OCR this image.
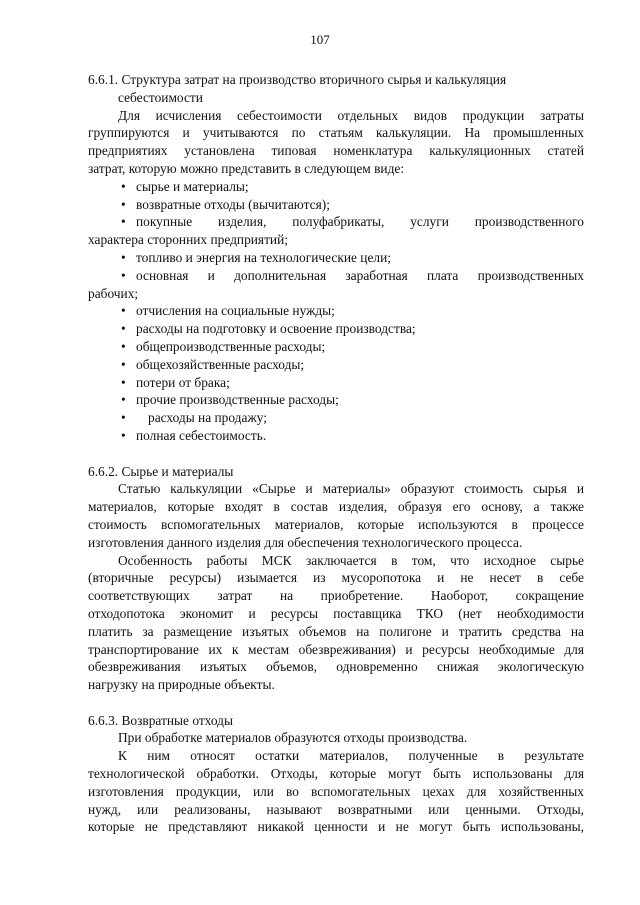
107

6.6.1. Структура затрат на производство вторичного сырья и калькуляция

себестоимости

Для исчисления себестоимости отдельных видов продукции затраты

группируются и учитываются по статьям калькуляции. На промышленных

предприятиях установлена типовая номенклатура калькуляционных статей

затрат, которую можно представить в следующем виде:

• сырье и материалы;

• возвратные отходы (вычитаются);

• покупные изделия, полуфабрикаты, услуги производственного

характера сторонних предприятий;

• топливо и энергия на технологические цели;

• основная и дополнительная заработная плата производственных

рабочих;

• отчисления на социальные нужды;

• расходы на подготовку и освоение производства;

• общепроизводственные расходы;

• общехозяйственные расходы;

• потери от брака;

• прочие производственные расходы;

• расходы на продажу;

• полная себестоимость.

6.6.2. Сырье и материалы

Статью калькуляции «Сырье и материалы» образуют стоимость сырья и

материалов, которые входят в состав изделия, образуя его основу, а также

стоимость вспомогательных материалов, которые используются в процессе

изготовления данного изделия для обеспечения технологического процесса.

Особенность работы МСК заключается в том, что исходное сырье

(вторичные ресурсы) изымается из мусоропотока и не несет в себе

соответствующих затрат на приобретение. Наоборот, сокращение

отходопотока экономит и ресурсы поставщика ТКО (нет необходимости

платить за размещение изъятых объемов на полигоне и тратить средства на

транспортирование их к местам обезвреживания) и ресурсы необходимые для

обезвреживания изъятых объемов, одновременно снижая экологическую

нагрузку на природные объекты.

6.6.3. Возвратные отходы

При обработке материалов образуются отходы производства.

К ним относят остатки материалов, полученные в результате

технологической обработки. Отходы, которые могут быть использованы для

изготовления продукции, или во вспомогательных цехах для хозяйственных

нужд, или реализованы, называют возвратными или ценными. Отходы,

которые не представляют никакой ценности и не могут быть использованы,
